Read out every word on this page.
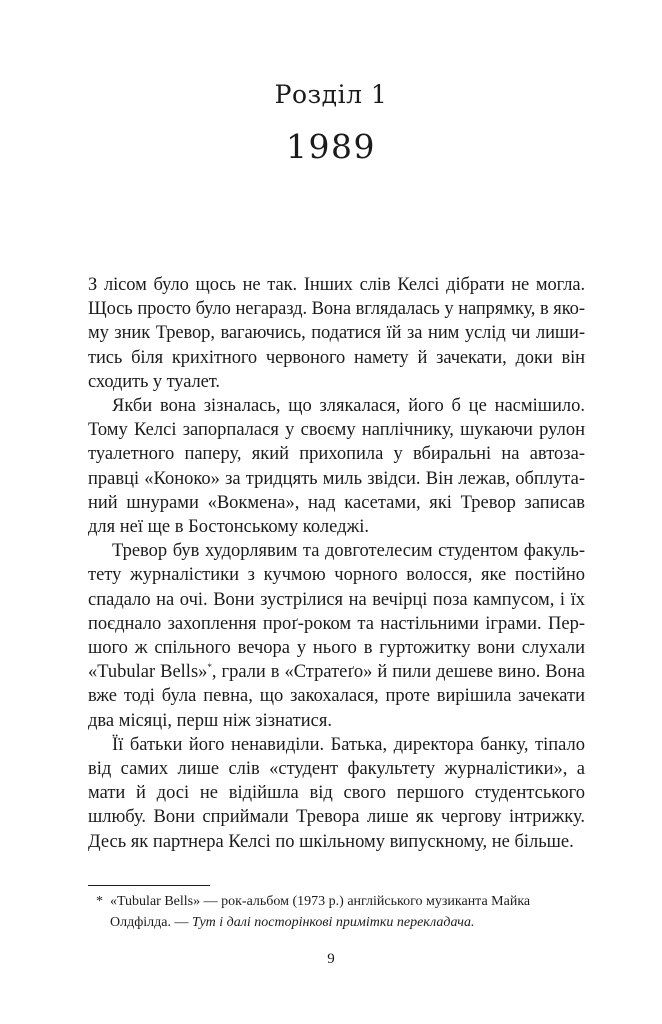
Розділ 1
1989

З лісом було щось не так. Інших слів Келсі дібрати не могла. Щось просто було негаразд. Вона вглядалась у напрямку, в якому зник Тревор, вагаючись, податися їй за ним услід чи лишитись біля крихітного червоного намету й зачекати, доки він сходить у туалет.

Якби вона зізналась, що злякалася, його б це насмішило. Тому Келсі запорпалася у своєму наплічнику, шукаючи рулон туалетного паперу, який прихопила у вбиральні на автозаправці «Коноко» за тридцять миль звідси. Він лежав, обплутаний шнурами «Вокмена», над касетами, які Тревор записав для неї ще в Бостонському коледжі.

Тревор був худорлявим та довготелесим студентом факультету журналістики з кучмою чорного волосся, яке постійно спадало на очі. Вони зустрілися на вечірці поза кампусом, і їх поєднало захоплення проґ-роком та настільними іграми. Першого ж спільного вечора у нього в гуртожитку вони слухали «Tubular Bells»*, грали в «Стратеґо» й пили дешеве вино. Вона вже тоді була певна, що закохалася, проте вирішила зачекати два місяці, перш ніж зізнатися.

Її батьки його ненавиділи. Батька, директора банку, тіпало від самих лише слів «студент факультету журналістики», а мати й досі не відійшла від свого першого студентського шлюбу. Вони сприймали Тревора лише як чергову інтрижку. Десь як партнера Келсі по шкільному випускному, не більше.

* «Tubular Bells» — рок-альбом (1973 р.) англійського музиканта Майка Олдфілда. — Тут і далі посторінкові примітки перекладача.
9
